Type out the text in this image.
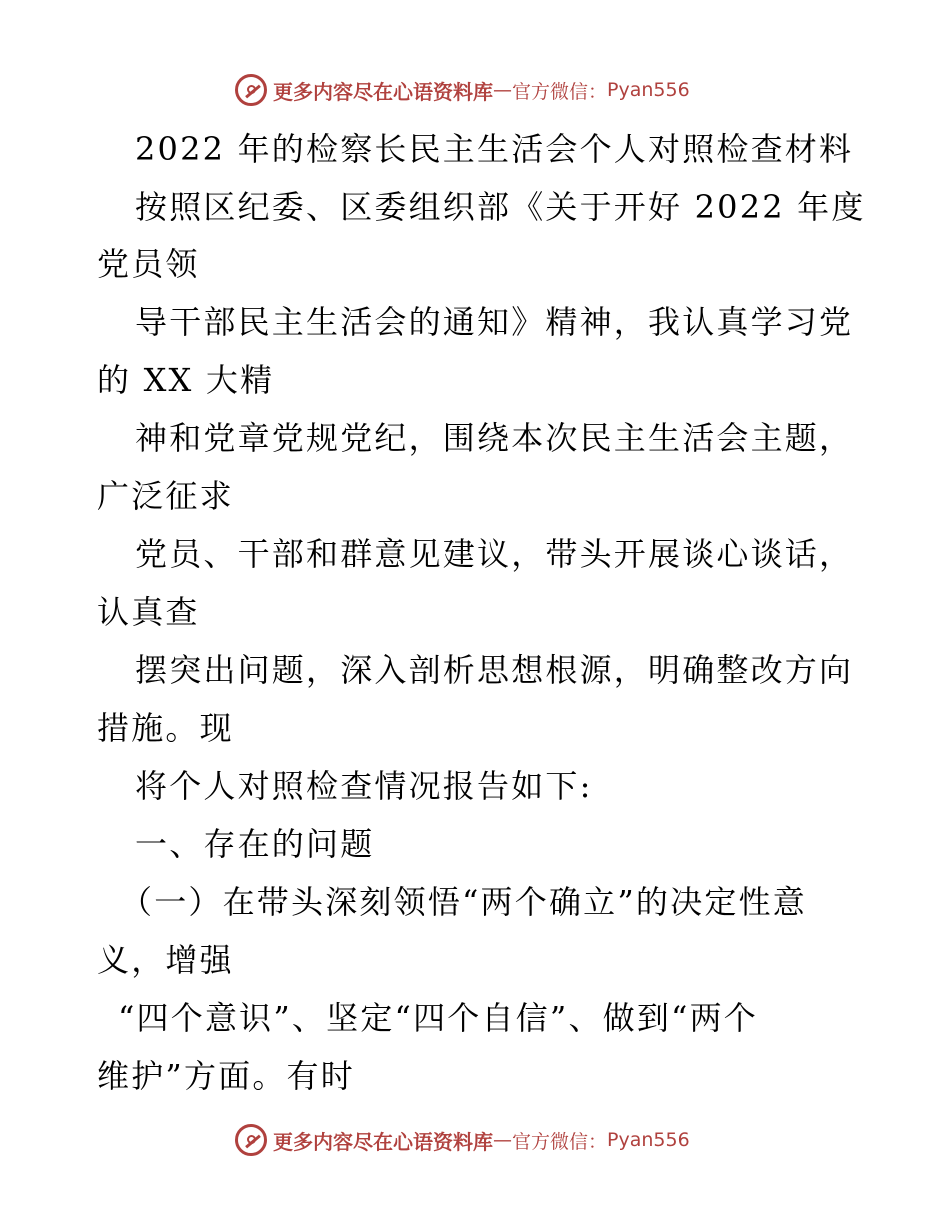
更多内容尽在心语资料库 — 官方微信： Pyan556

2022 年的检察长民主生活会个人对照检查材料

按照区纪委、区委组织部《关于开好 2022 年度

党员领

导干部民主生活会的通知》精神，我认真学习党

的 XX 大精

神和党章党规党纪，围绕本次民主生活会主题，

广泛征求

党员、干部和群意见建议，带头开展谈心谈话，

认真查

摆突出问题，深入剖析思想根源，明确整改方向

措施。现

将个人对照检查情况报告如下:

一、存在的问题

（一）在带头深刻领悟“两个确立”的决定性意

义，增强

“四个意识”、坚定“四个自信”、做到“两个

维护”方面。有时

更多内容尽在心语资料库 — 官方微信： Pyan556
